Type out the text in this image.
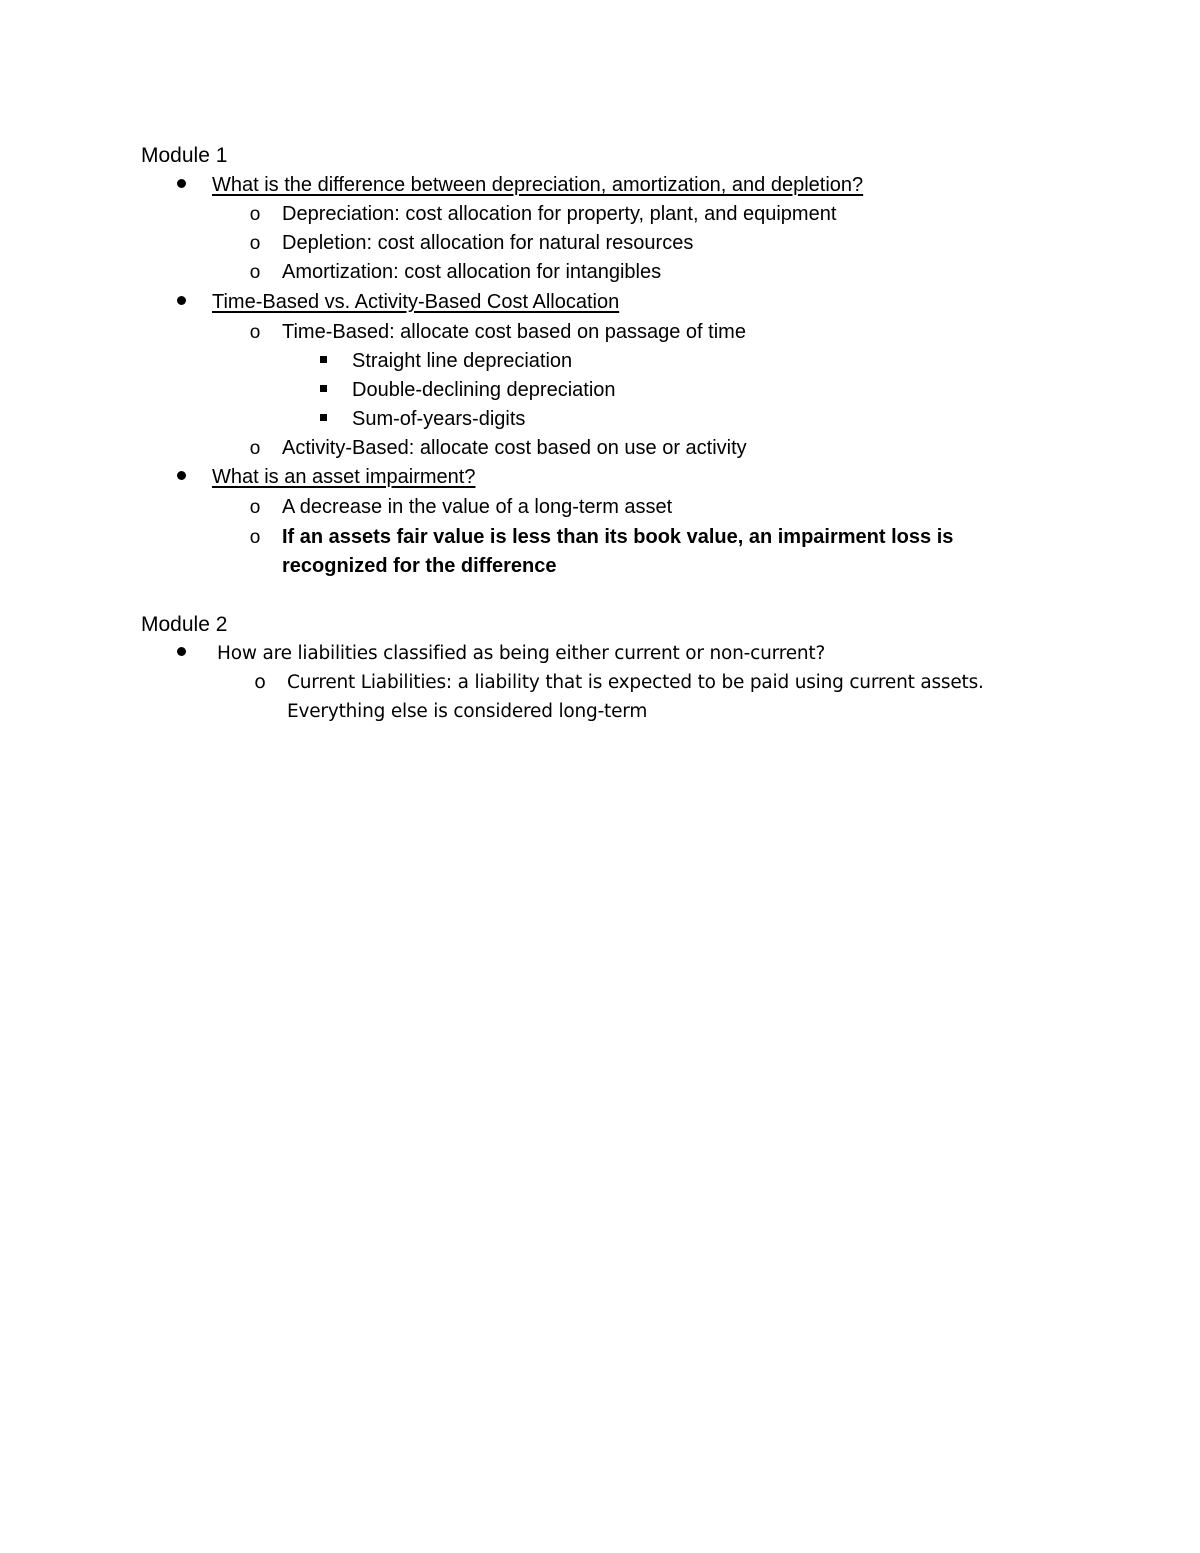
Module 1
What is the difference between depreciation, amortization, and depletion?
o	Depreciation: cost allocation for property, plant, and equipment
o	Depletion: cost allocation for natural resources
o	Amortization: cost allocation for intangibles
Time-Based vs. Activity-Based Cost Allocation
o	Time-Based: allocate cost based on passage of time
Straight line depreciation
Double-declining depreciation
Sum-of-years-digits
o	Activity-Based: allocate cost based on use or activity
What is an asset impairment?
o	A decrease in the value of a long-term asset
o	If an assets fair value is less than its book value, an impairment loss is
recognized for the difference
Module 2
How are liabilities classified as being either current or non-current?
o	Current Liabilities: a liability that is expected to be paid using current assets.
Everything else is considered long-term
